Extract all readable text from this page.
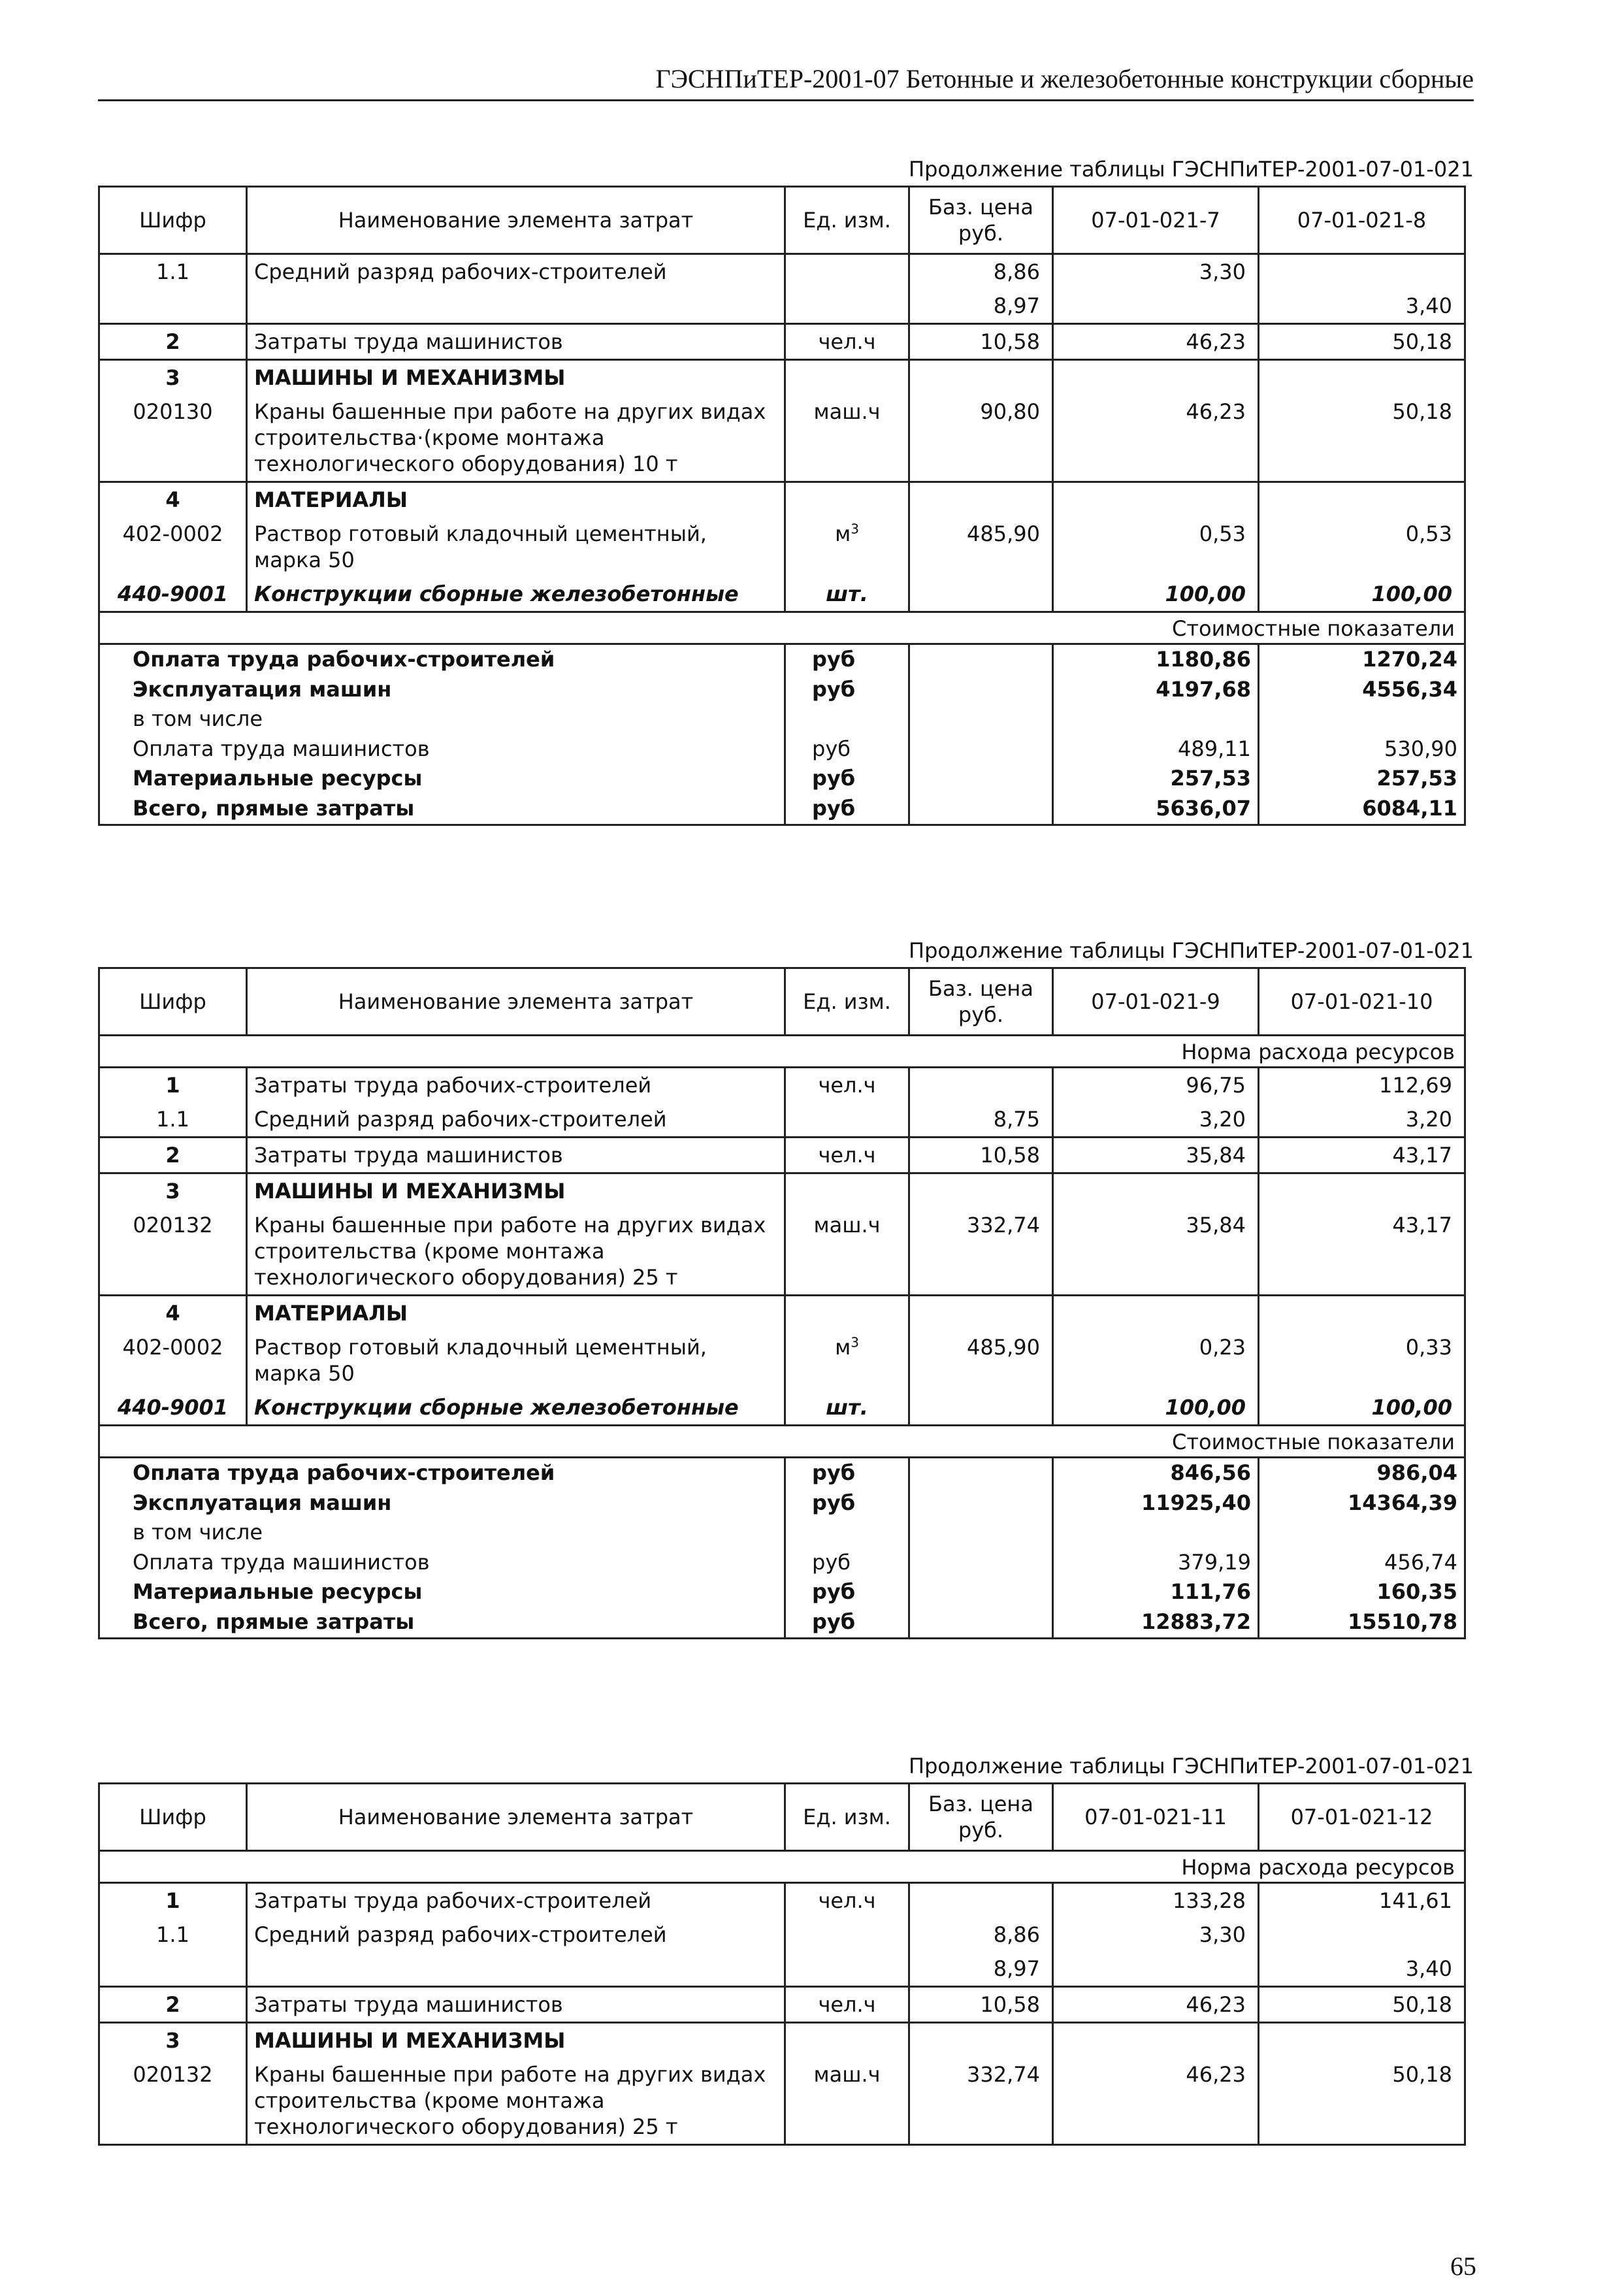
ГЭСНПиТЕР-2001-07 Бетонные и железобетонные конструкции сборные
Продолжение таблицы ГЭСНПиТЕР-2001-07-01-021
Шифр	Наименование элемента затрат	Ед. изм.	Баз. цена руб.	07-01-021-7	07-01-021-8
1.1	Средний разряд рабочих-строителей		8,86	3,30	
			8,97		3,40
2	Затраты труда машинистов	чел.ч	10,58	46,23	50,18
3	МАШИНЫ И МЕХАНИЗМЫ				
020130	Краны башенные при работе на других видах строительства·(кроме монтажа технологического оборудования) 10 т	маш.ч	90,80	46,23	50,18
4	МАТЕРИАЛЫ				
402-0002	Раствор готовый кладочный цементный, марка 50	$м^3$	485,90	0,53	0,53
440-9001	Конструкции сборные железобетонные	шт.		100,00	100,00
Стоимостные показатели					
Оплата труда рабочих-строителей		руб		1180,86	1270,24
Эксплуатация машин		руб		4197,68	4556,34
в том числе					
Оплата труда машинистов		руб		489,11	530,90
Материальные ресурсы		руб		257,53	257,53
Всего, прямые затраты		руб		5636,07	6084,11
Продолжение таблицы ГЭСНПиТЕР-2001-07-01-021
Шифр	Наименование элемента затрат	Ед. изм.	Баз. цена руб.	07-01-021-9	07-01-021-10
Норма расхода ресурсов					
1	Затраты труда рабочих-строителей	чел.ч		96,75	112,69
1.1	Средний разряд рабочих-строителей		8,75	3,20	3,20
2	Затраты труда машинистов	чел.ч	10,58	35,84	43,17
3	МАШИНЫ И МЕХАНИЗМЫ				
020132	Краны башенные при работе на других видах строительства (кроме монтажа технологического оборудования) 25 т	маш.ч	332,74	35,84	43,17
4	МАТЕРИАЛЫ				
402-0002	Раствор готовый кладочный цементный, марка 50	$м^3$	485,90	0,23	0,33
440-9001	Конструкции сборные железобетонные	шт.		100,00	100,00
Стоимостные показатели					
Оплата труда рабочих-строителей		руб		846,56	986,04
Эксплуатация машин		руб		11925,40	14364,39
в том числе					
Оплата труда машинистов		руб		379,19	456,74
Материальные ресурсы		руб		111,76	160,35
Всего, прямые затраты		руб		12883,72	15510,78
Продолжение таблицы ГЭСНПиТЕР-2001-07-01-021
Шифр	Наименование элемента затрат	Ед. изм.	Баз. цена руб.	07-01-021-11	07-01-021-12
Норма расхода ресурсов					
1	Затраты труда рабочих-строителей	чел.ч		133,28	141,61
1.1	Средний разряд рабочих-строителей		8,86	3,30	
			8,97		3,40
2	Затраты труда машинистов	чел.ч	10,58	46,23	50,18
3	МАШИНЫ И МЕХАНИЗМЫ				
020132	Краны башенные при работе на других видах строительства (кроме монтажа технологического оборудования) 25 т	маш.ч	332,74	46,23	50,18
65
